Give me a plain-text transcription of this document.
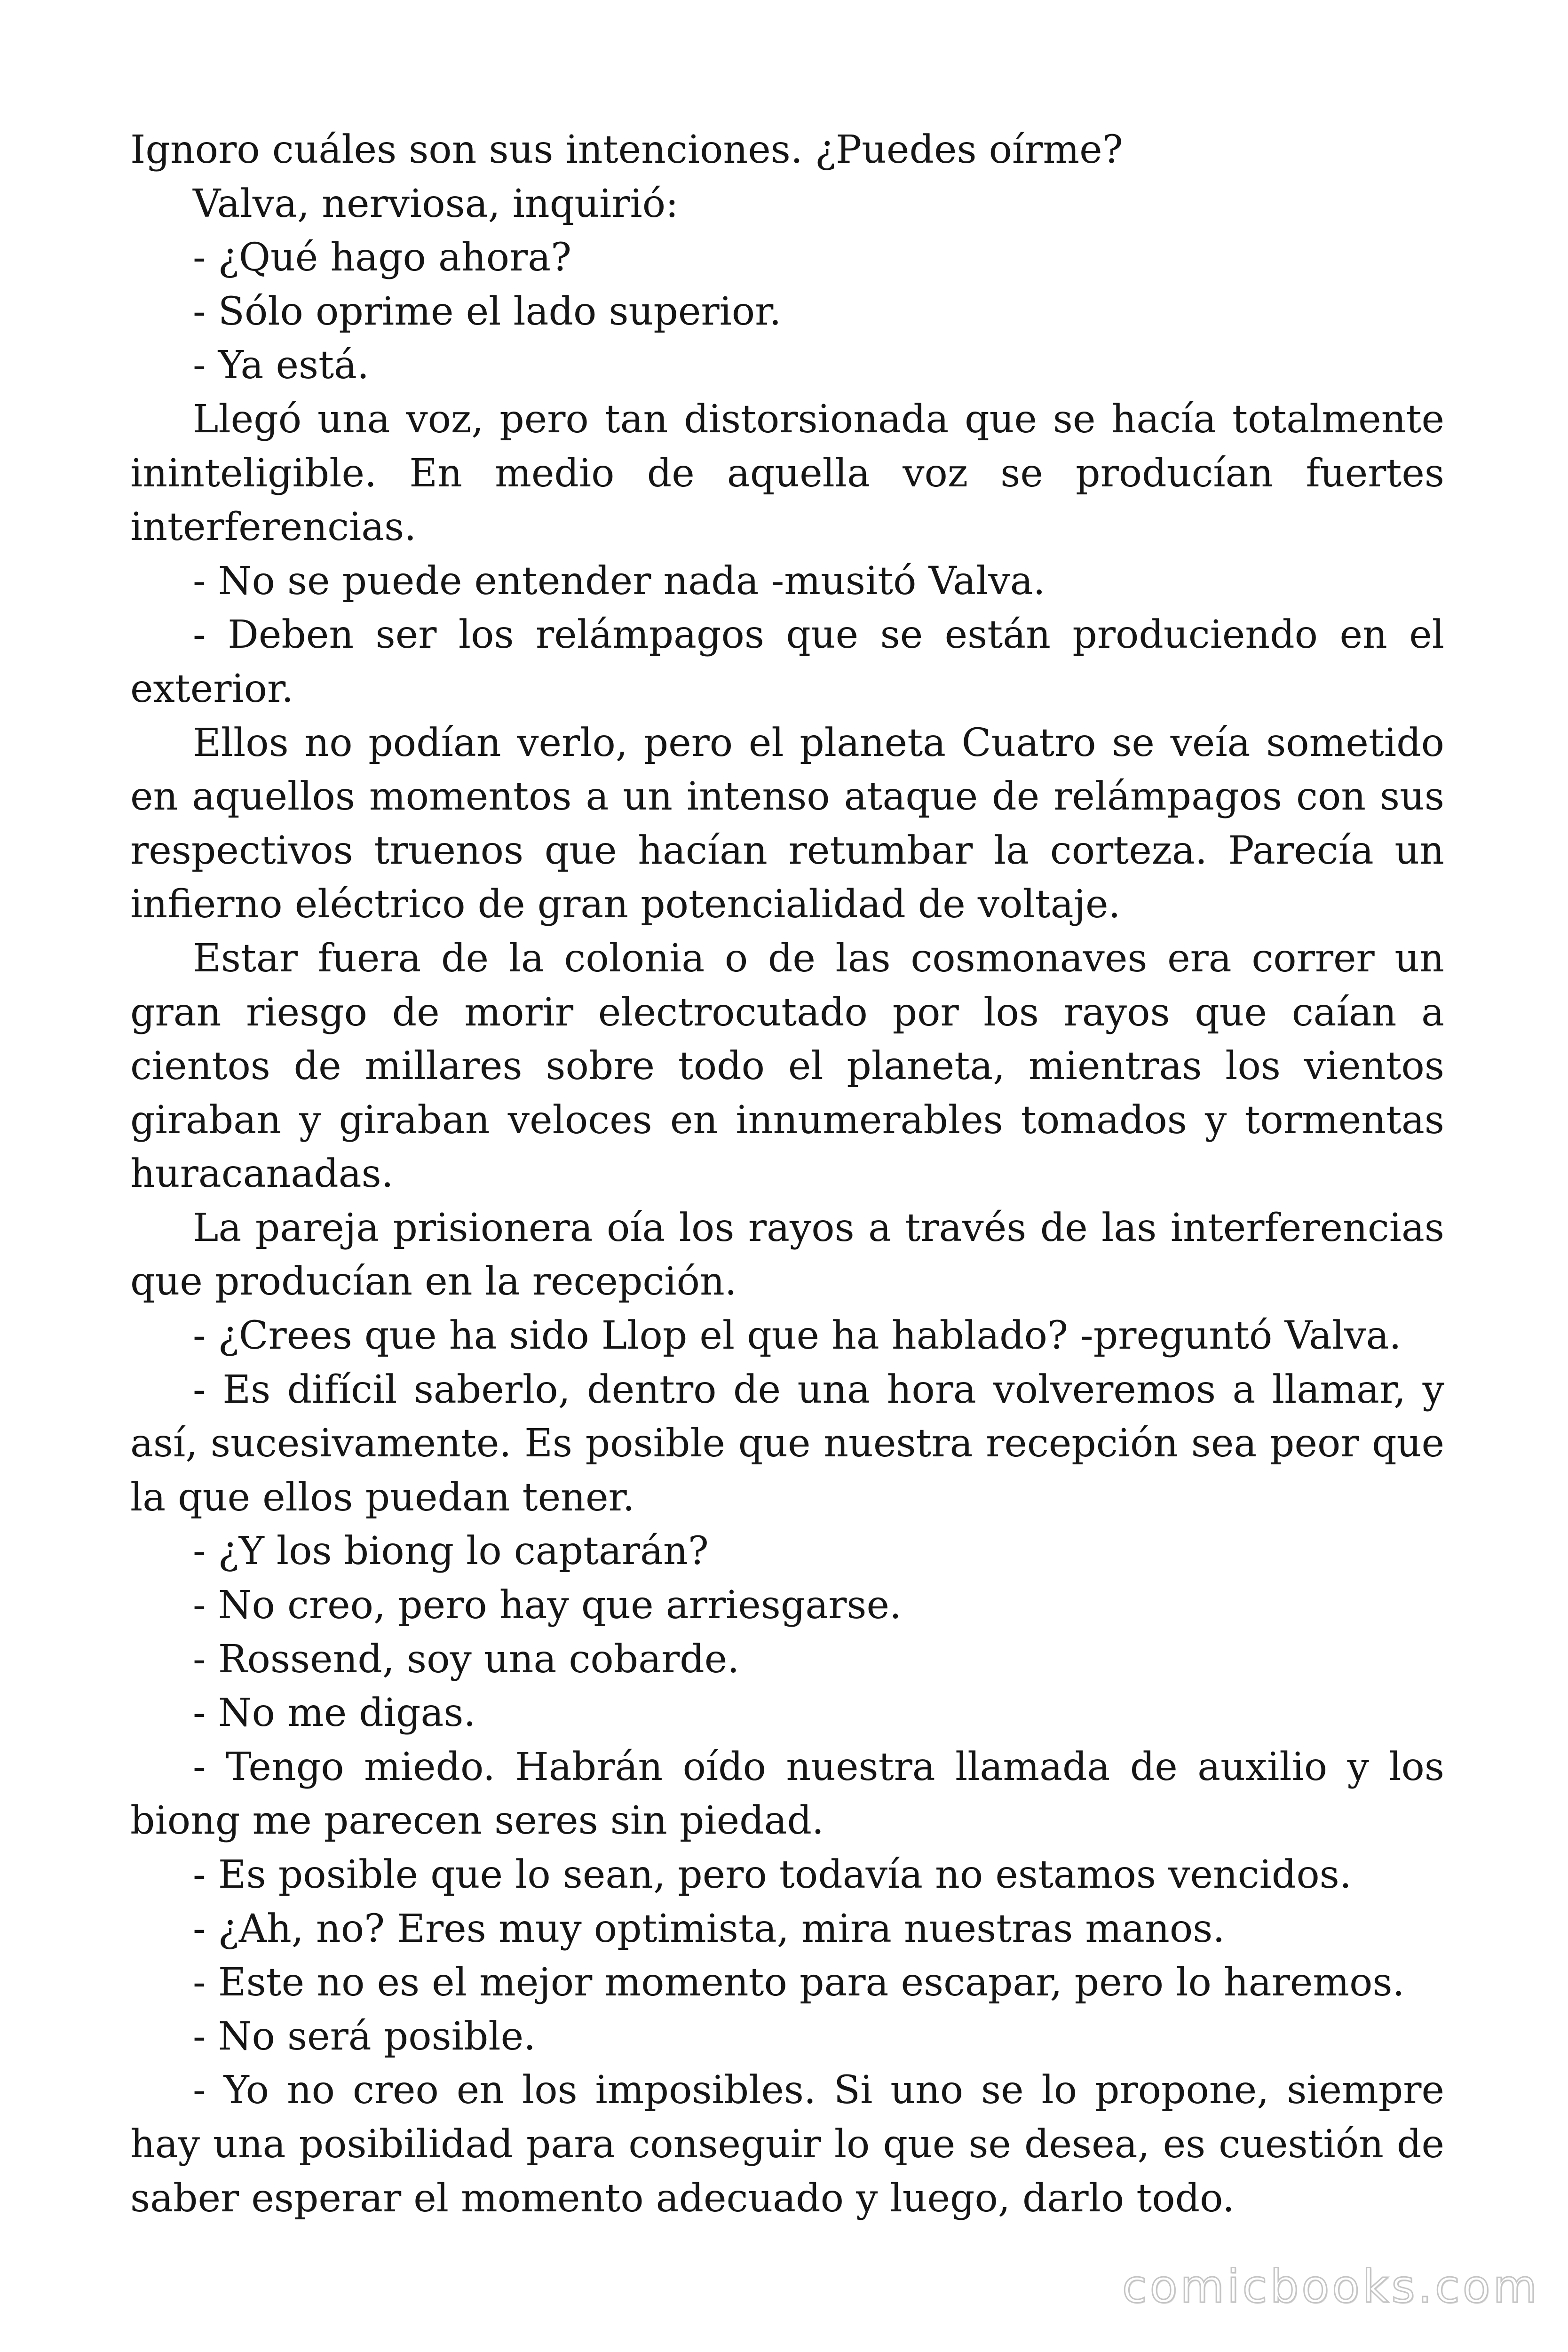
Ignoro cuáles son sus intenciones. ¿Puedes oírme?

Valva, nerviosa, inquirió:

- ¿Qué hago ahora?

- Sólo oprime el lado superior.

- Ya está.

Llegó una voz, pero tan distorsionada que se hacía totalmente ininteligible. En medio de aquella voz se producían fuertes interferencias.

- No se puede entender nada -musitó Valva.

- Deben ser los relámpagos que se están produciendo en el exterior.

Ellos no podían verlo, pero el planeta Cuatro se veía sometido en aquellos momentos a un intenso ataque de relámpagos con sus respectivos truenos que hacían retumbar la corteza. Parecía un infierno eléctrico de gran potencialidad de voltaje.

Estar fuera de la colonia o de las cosmonaves era correr un gran riesgo de morir electrocutado por los rayos que caían a cientos de millares sobre todo el planeta, mientras los vientos giraban y giraban veloces en innumerables tomados y tormentas huracanadas.

La pareja prisionera oía los rayos a través de las interferencias que producían en la recepción.

- ¿Crees que ha sido Llop el que ha hablado? -preguntó Valva.

- Es difícil saberlo, dentro de una hora volveremos a llamar, y así, sucesivamente. Es posible que nuestra recepción sea peor que la que ellos puedan tener.

- ¿Y los biong lo captarán?

- No creo, pero hay que arriesgarse.

- Rossend, soy una cobarde.

- No me digas.

- Tengo miedo. Habrán oído nuestra llamada de auxilio y los biong me parecen seres sin piedad.

- Es posible que lo sean, pero todavía no estamos vencidos.

- ¿Ah, no? Eres muy optimista, mira nuestras manos.

- Este no es el mejor momento para escapar, pero lo haremos.

- No será posible.

- Yo no creo en los imposibles. Si uno se lo propone, siempre hay una posibilidad para conseguir lo que se desea, es cuestión de saber esperar el momento adecuado y luego, darlo todo.

comicbooks.com
